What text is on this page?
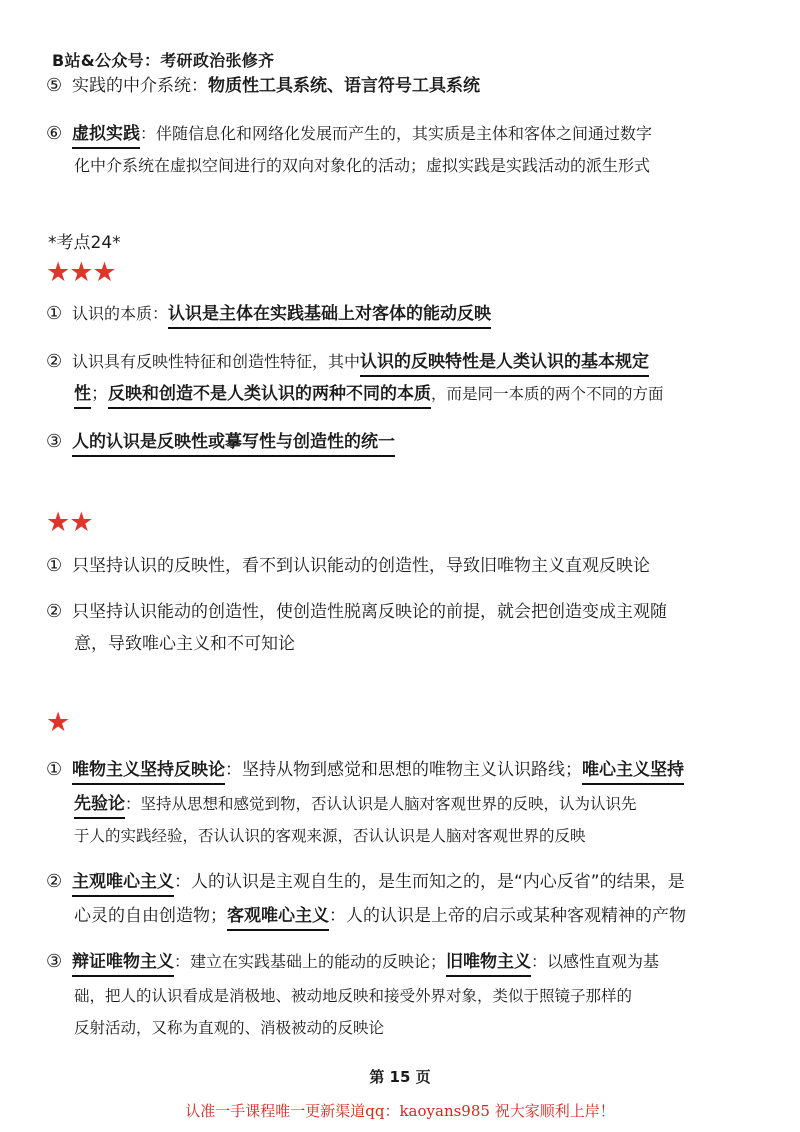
B站&公众号：考研政治张修齐
⑤ 实践的中介系统：物质性工具系统、语言符号工具系统
⑥ 虚拟实践：伴随信息化和网络化发展而产生的，其实质是主体和客体之间通过数字
化中介系统在虚拟空间进行的双向对象化的活动；虚拟实践是实践活动的派生形式
*考点24*
★★★
① 认识的本质：认识是主体在实践基础上对客体的能动反映
② 认识具有反映性特征和创造性特征，其中认识的反映特性是人类认识的基本规定
性；反映和创造不是人类认识的两种不同的本质，而是同一本质的两个不同的方面
③ 人的认识是反映性或摹写性与创造性的统一
★★
① 只坚持认识的反映性，看不到认识能动的创造性，导致旧唯物主义直观反映论
② 只坚持认识能动的创造性，使创造性脱离反映论的前提，就会把创造变成主观随
意，导致唯心主义和不可知论
★
① 唯物主义坚持反映论：坚持从物到感觉和思想的唯物主义认识路线；唯心主义坚持
先验论：坚持从思想和感觉到物，否认认识是人脑对客观世界的反映，认为认识先
于人的实践经验，否认认识的客观来源，否认认识是人脑对客观世界的反映
② 主观唯心主义：人的认识是主观自生的，是生而知之的，是“内心反省”的结果，是
心灵的自由创造物；客观唯心主义：人的认识是上帝的启示或某种客观精神的产物
③ 辩证唯物主义：建立在实践基础上的能动的反映论；旧唯物主义：以感性直观为基
础，把人的认识看成是消极地、被动地反映和接受外界对象，类似于照镜子那样的
反射活动，又称为直观的、消极被动的反映论
第 15 页
认准一手课程唯一更新渠道qq：kaoyans985 祝大家顺利上岸！
